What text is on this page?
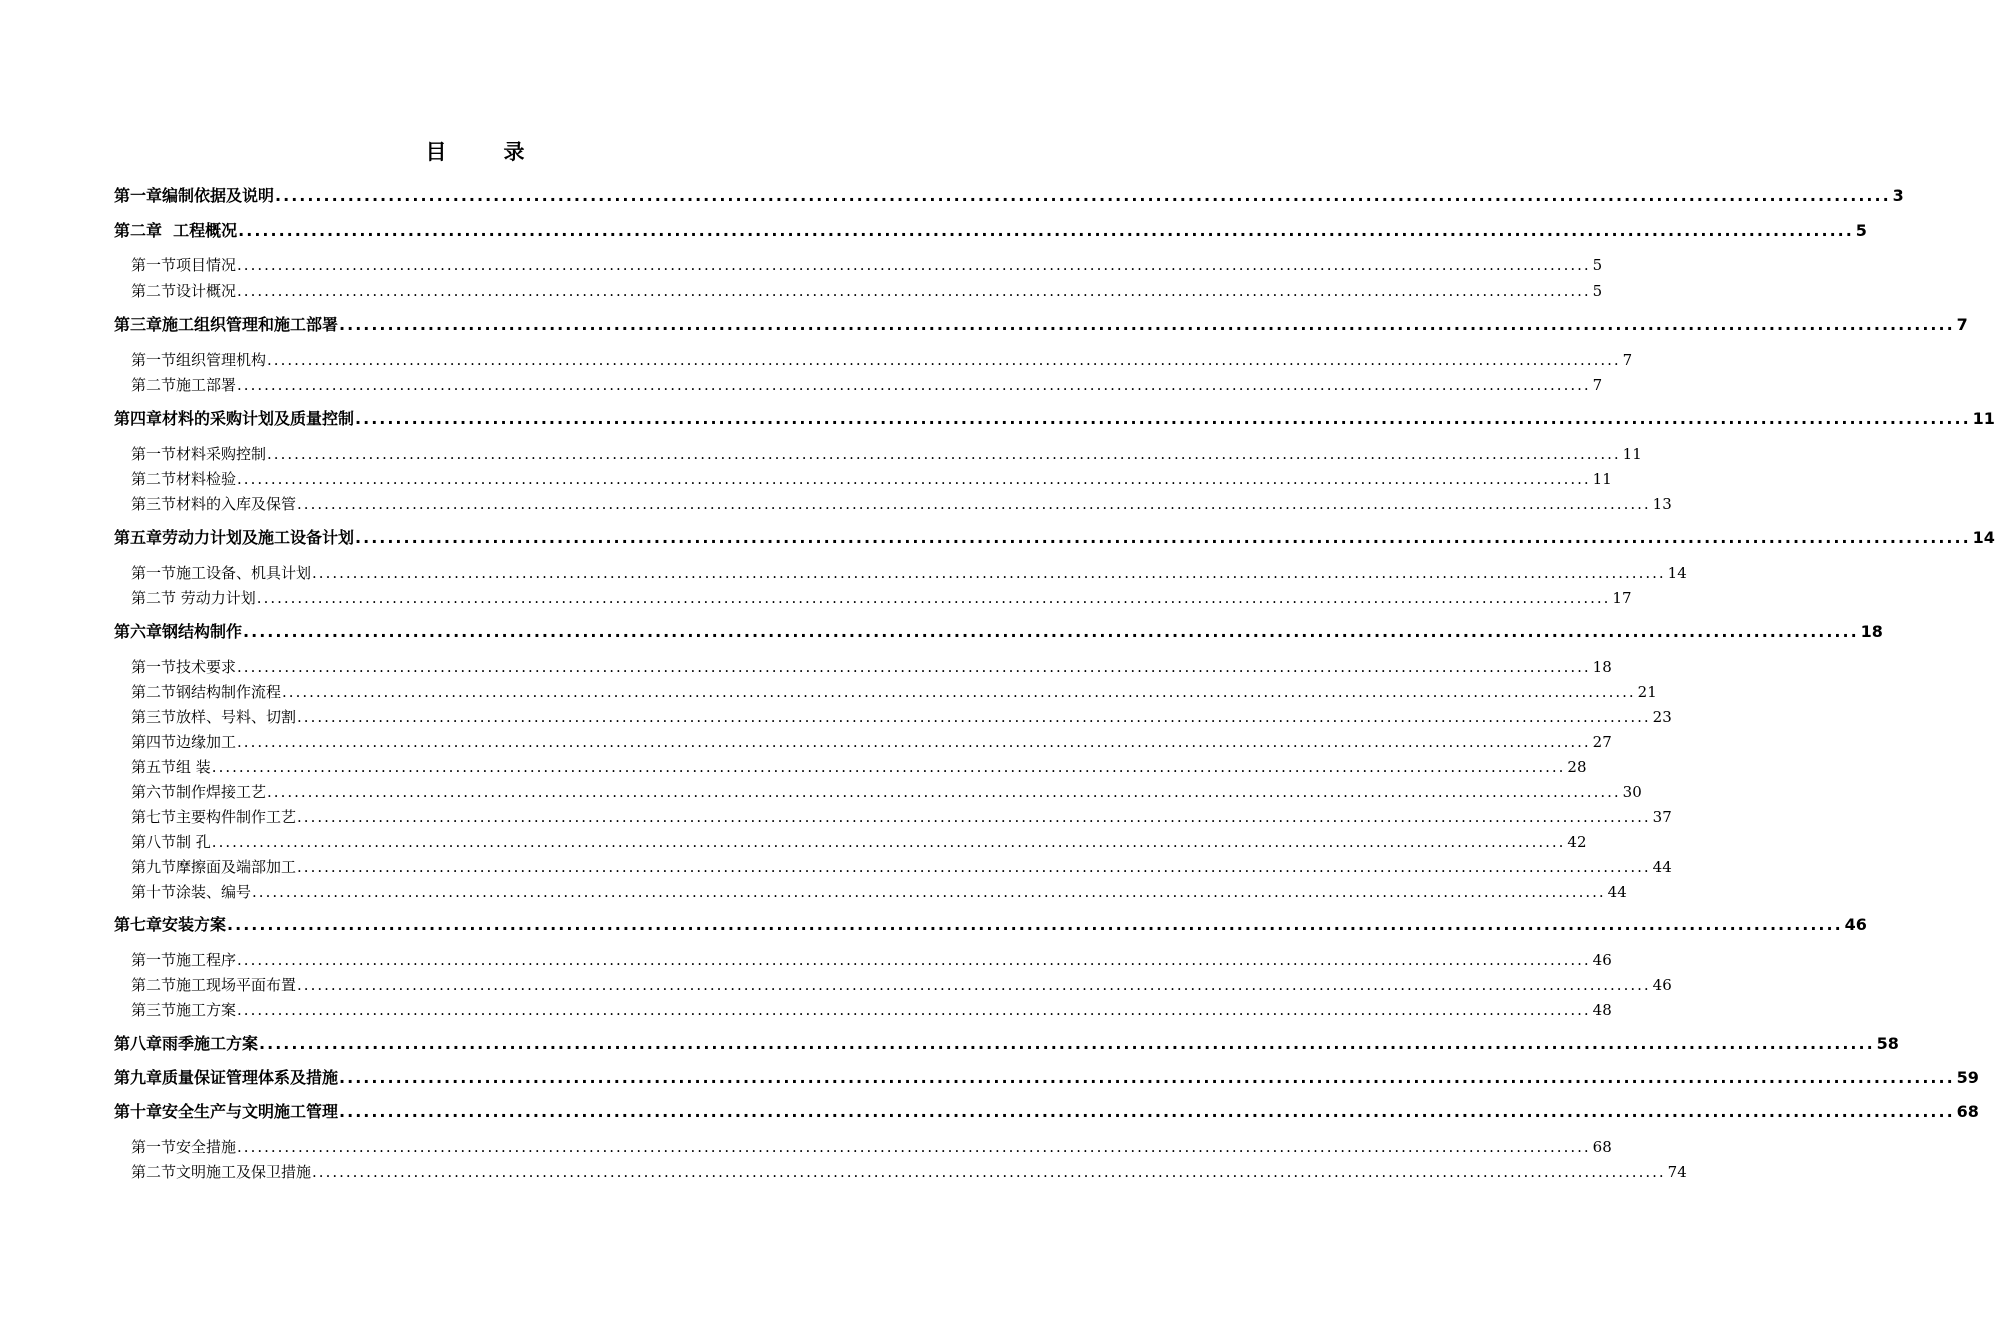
目　录
第一章 编制依据及说明 ........................................................................................................................................................................................................ 3
第二章 工程概况 ........................................................................................................................................................................................................ 5
第一节 项目情况 ........................................................................................................................................................................................................ 5
第二节 设计概况 ........................................................................................................................................................................................................ 5
第三章 施工组织管理和施工部署 ........................................................................................................................................................................................................ 7
第一节 组织管理机构 ........................................................................................................................................................................................................ 7
第二节 施工部署 ........................................................................................................................................................................................................ 7
第四章 材料的采购计划及质量控制 ........................................................................................................................................................................................................ 11
第一节 材料采购控制 ........................................................................................................................................................................................................ 11
第二节 材料检验 ........................................................................................................................................................................................................ 11
第三节 材料的入库及保管 ........................................................................................................................................................................................................ 13
第五章 劳动力计划及施工设备计划 ........................................................................................................................................................................................................ 14
第一节 施工设备、机具计划 ........................................................................................................................................................................................................ 14
第二节 劳动力计划 ........................................................................................................................................................................................................ 17
第六章 钢结构制作 ........................................................................................................................................................................................................ 18
第一节 技术要求 ........................................................................................................................................................................................................ 18
第二节 钢结构制作流程 ........................................................................................................................................................................................................ 21
第三节 放样、号料、切割 ........................................................................................................................................................................................................ 23
第四节 边缘加工 ........................................................................................................................................................................................................ 27
第五节 组 装 ........................................................................................................................................................................................................ 28
第六节 制作焊接工艺 ........................................................................................................................................................................................................ 30
第七节 主要构件制作工艺 ........................................................................................................................................................................................................ 37
第八节 制 孔 ........................................................................................................................................................................................................ 42
第九节 摩擦面及端部加工 ........................................................................................................................................................................................................ 44
第十节 涂装、编号 ........................................................................................................................................................................................................ 44
第七章 安装方案 ........................................................................................................................................................................................................ 46
第一节 施工程序 ........................................................................................................................................................................................................ 46
第二节 施工现场平面布置 ........................................................................................................................................................................................................ 46
第三节 施工方案 ........................................................................................................................................................................................................ 48
第八章 雨季施工方案 ........................................................................................................................................................................................................ 58
第九章 质量保证管理体系及措施 ........................................................................................................................................................................................................ 59
第十章 安全生产与文明施工管理 ........................................................................................................................................................................................................ 68
第一节 安全措施 ........................................................................................................................................................................................................ 68
第二节 文明施工及保卫措施 ........................................................................................................................................................................................................ 74
